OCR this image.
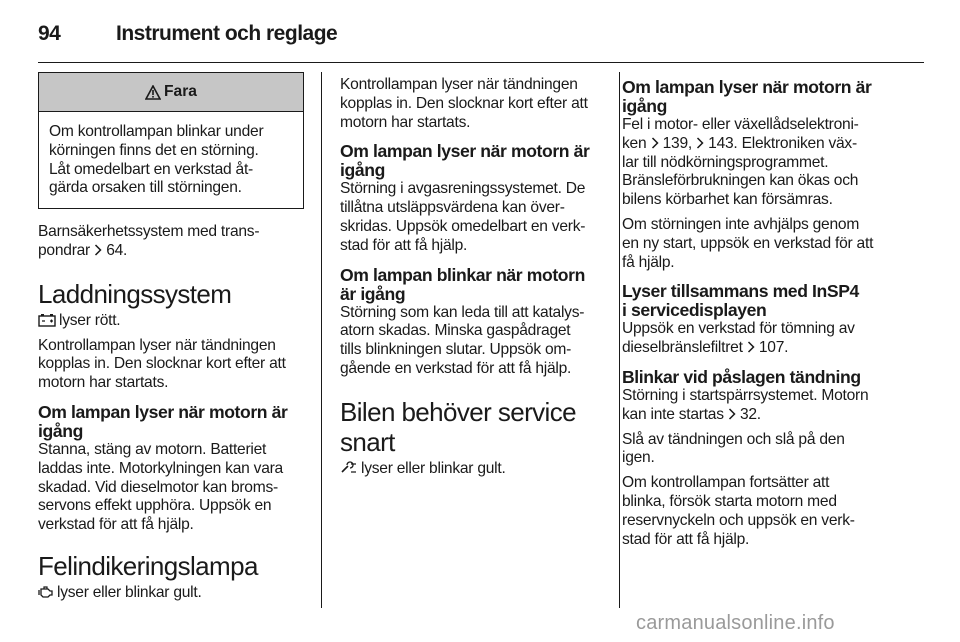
94	Instrument och reglage
Fara

Om kontrollampan blinkar under

körningen finns det en störning.

Låt omedelbart en verkstad åt-

gärda orsaken till störningen.

Barnsäkerhetssystem med trans-

pondrar 64.

Laddningssystem

lyser rött.

Kontrollampan lyser när tändningen

kopplas in. Den slocknar kort efter att

motorn har startats.

Om lampan lyser när motorn är
igång

Stanna, stäng av motorn. Batteriet

laddas inte. Motorkylningen kan vara

skadad. Vid dieselmotor kan broms-

servons effekt upphöra. Uppsök en

verkstad för att få hjälp.

Felindikeringslampa

lyser eller blinkar gult.

Kontrollampan lyser när tändningen

kopplas in. Den slocknar kort efter att

motorn har startats.

Om lampan lyser när motorn är
igång

Störning i avgasreningssystemet. De

tillåtna utsläppsvärdena kan över-

skridas. Uppsök omedelbart en verk-

stad för att få hjälp.

Om lampan blinkar när motorn
är igång

Störning som kan leda till att katalys-

atorn skadas. Minska gaspådraget

tills blinkningen slutar. Uppsök om-

gående en verkstad för att få hjälp.

Bilen behöver service
snart

lyser eller blinkar gult.

Om lampan lyser när motorn är
igång

Fel i motor- eller växellådselektroni-

ken 139, 143. Elektroniken väx-

lar till nödkörningsprogrammet.

Bränsleförbrukningen kan ökas och

bilens körbarhet kan försämras.

Om störningen inte avhjälps genom

en ny start, uppsök en verkstad för att

få hjälp.

Lyser tillsammans med InSP4
i servicedisplayen

Uppsök en verkstad för tömning av

dieselbränslefiltret 107.

Blinkar vid påslagen tändning

Störning i startspärrsystemet. Motorn

kan inte startas 32.

Slå av tändningen och slå på den

igen.

Om kontrollampan fortsätter att

blinka, försök starta motorn med

reservnyckeln och uppsök en verk-

stad för att få hjälp.

carmanualsonline.info
